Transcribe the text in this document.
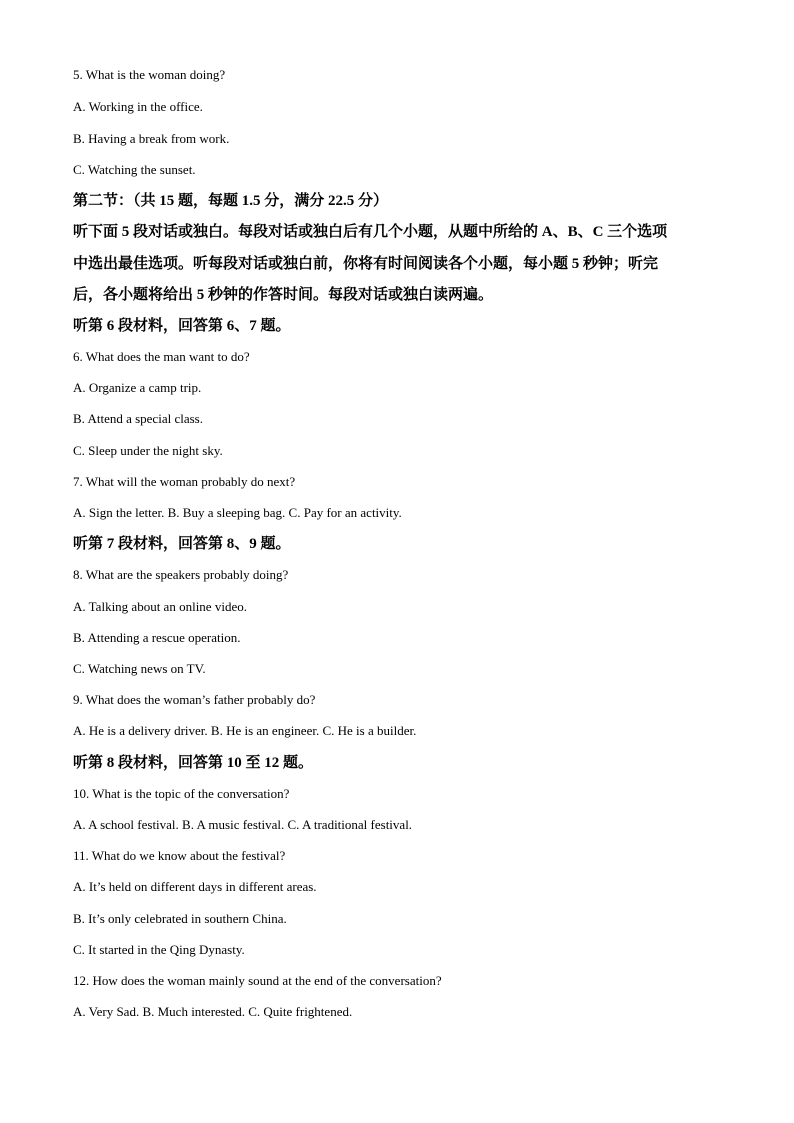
5. What is the woman doing?
A. Working in the office.
B. Having a break from work.
C. Watching the sunset.
第二节：（共 15 题，每题 1.5 分，满分 22.5 分）
听下面 5 段对话或独白。每段对话或独白后有几个小题，从题中所给的 A、B、C 三个选项
中选出最佳选项。听每段对话或独白前，你将有时间阅读各个小题，每小题 5 秒钟；听完
后，各小题将给出 5 秒钟的作答时间。每段对话或独白读两遍。
听第 6 段材料，回答第 6、7 题。
6. What does the man want to do?
A. Organize a camp trip.
B. Attend a special class.
C. Sleep under the night sky.
7. What will the woman probably do next?
A. Sign the letter. B. Buy a sleeping bag. C. Pay for an activity.
听第 7 段材料，回答第 8、9 题。
8. What are the speakers probably doing?
A. Talking about an online video.
B. Attending a rescue operation.
C. Watching news on TV.
9. What does the woman’s father probably do?
A. He is a delivery driver. B. He is an engineer. C. He is a builder.
听第 8 段材料，回答第 10 至 12 题。
10. What is the topic of the conversation?
A. A school festival. B. A music festival. C. A traditional festival.
11. What do we know about the festival?
A. It’s held on different days in different areas.
B. It’s only celebrated in southern China.
C. It started in the Qing Dynasty.
12. How does the woman mainly sound at the end of the conversation?
A. Very Sad. B. Much interested. C. Quite frightened.
